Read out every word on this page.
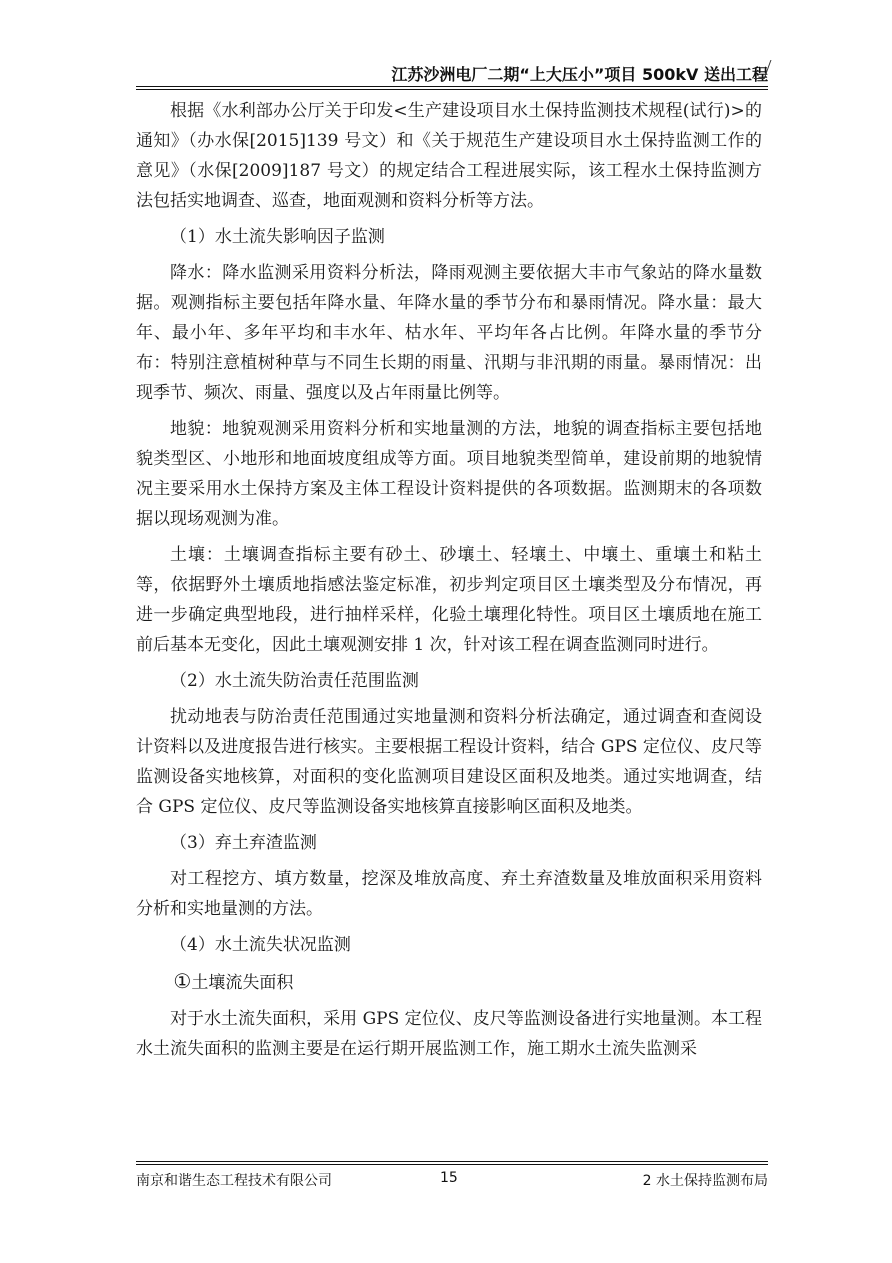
江苏沙洲电厂二期“上大压小”项目 500kV 送出工程

根据《水利部办公厅关于印发<生产建设项目水土保持监测技术规程(试行)>的通知》（办水保[2015]139 号文）和《关于规范生产建设项目水土保持监测工作的意见》（水保[2009]187 号文）的规定结合工程进展实际，该工程水土保持监测方法包括实地调查、巡查，地面观测和资料分析等方法。

（1）水土流失影响因子监测

降水：降水监测采用资料分析法，降雨观测主要依据大丰市气象站的降水量数据。观测指标主要包括年降水量、年降水量的季节分布和暴雨情况。降水量：最大年、最小年、多年平均和丰水年、枯水年、平均年各占比例。年降水量的季节分布：特别注意植树种草与不同生长期的雨量、汛期与非汛期的雨量。暴雨情况：出现季节、频次、雨量、强度以及占年雨量比例等。

地貌：地貌观测采用资料分析和实地量测的方法，地貌的调查指标主要包括地貌类型区、小地形和地面坡度组成等方面。项目地貌类型简单，建设前期的地貌情况主要采用水土保持方案及主体工程设计资料提供的各项数据。监测期末的各项数据以现场观测为准。

土壤：土壤调查指标主要有砂土、砂壤土、轻壤土、中壤土、重壤土和粘土等，依据野外土壤质地指感法鉴定标准，初步判定项目区土壤类型及分布情况，再进一步确定典型地段，进行抽样采样，化验土壤理化特性。项目区土壤质地在施工前后基本无变化，因此土壤观测安排 1 次，针对该工程在调查监测同时进行。

（2）水土流失防治责任范围监测

扰动地表与防治责任范围通过实地量测和资料分析法确定，通过调查和查阅设计资料以及进度报告进行核实。主要根据工程设计资料，结合 GPS 定位仪、皮尺等监测设备实地核算，对面积的变化监测项目建设区面积及地类。通过实地调查，结合 GPS 定位仪、皮尺等监测设备实地核算直接影响区面积及地类。

（3）弃土弃渣监测

对工程挖方、填方数量，挖深及堆放高度、弃土弃渣数量及堆放面积采用资料分析和实地量测的方法。

（4）水土流失状况监测

①土壤流失面积

对于水土流失面积，采用 GPS 定位仪、皮尺等监测设备进行实地量测。本工程水土流失面积的监测主要是在运行期开展监测工作，施工期水土流失监测采

南京和谐生态工程技术有限公司	15	2 水土保持监测布局
